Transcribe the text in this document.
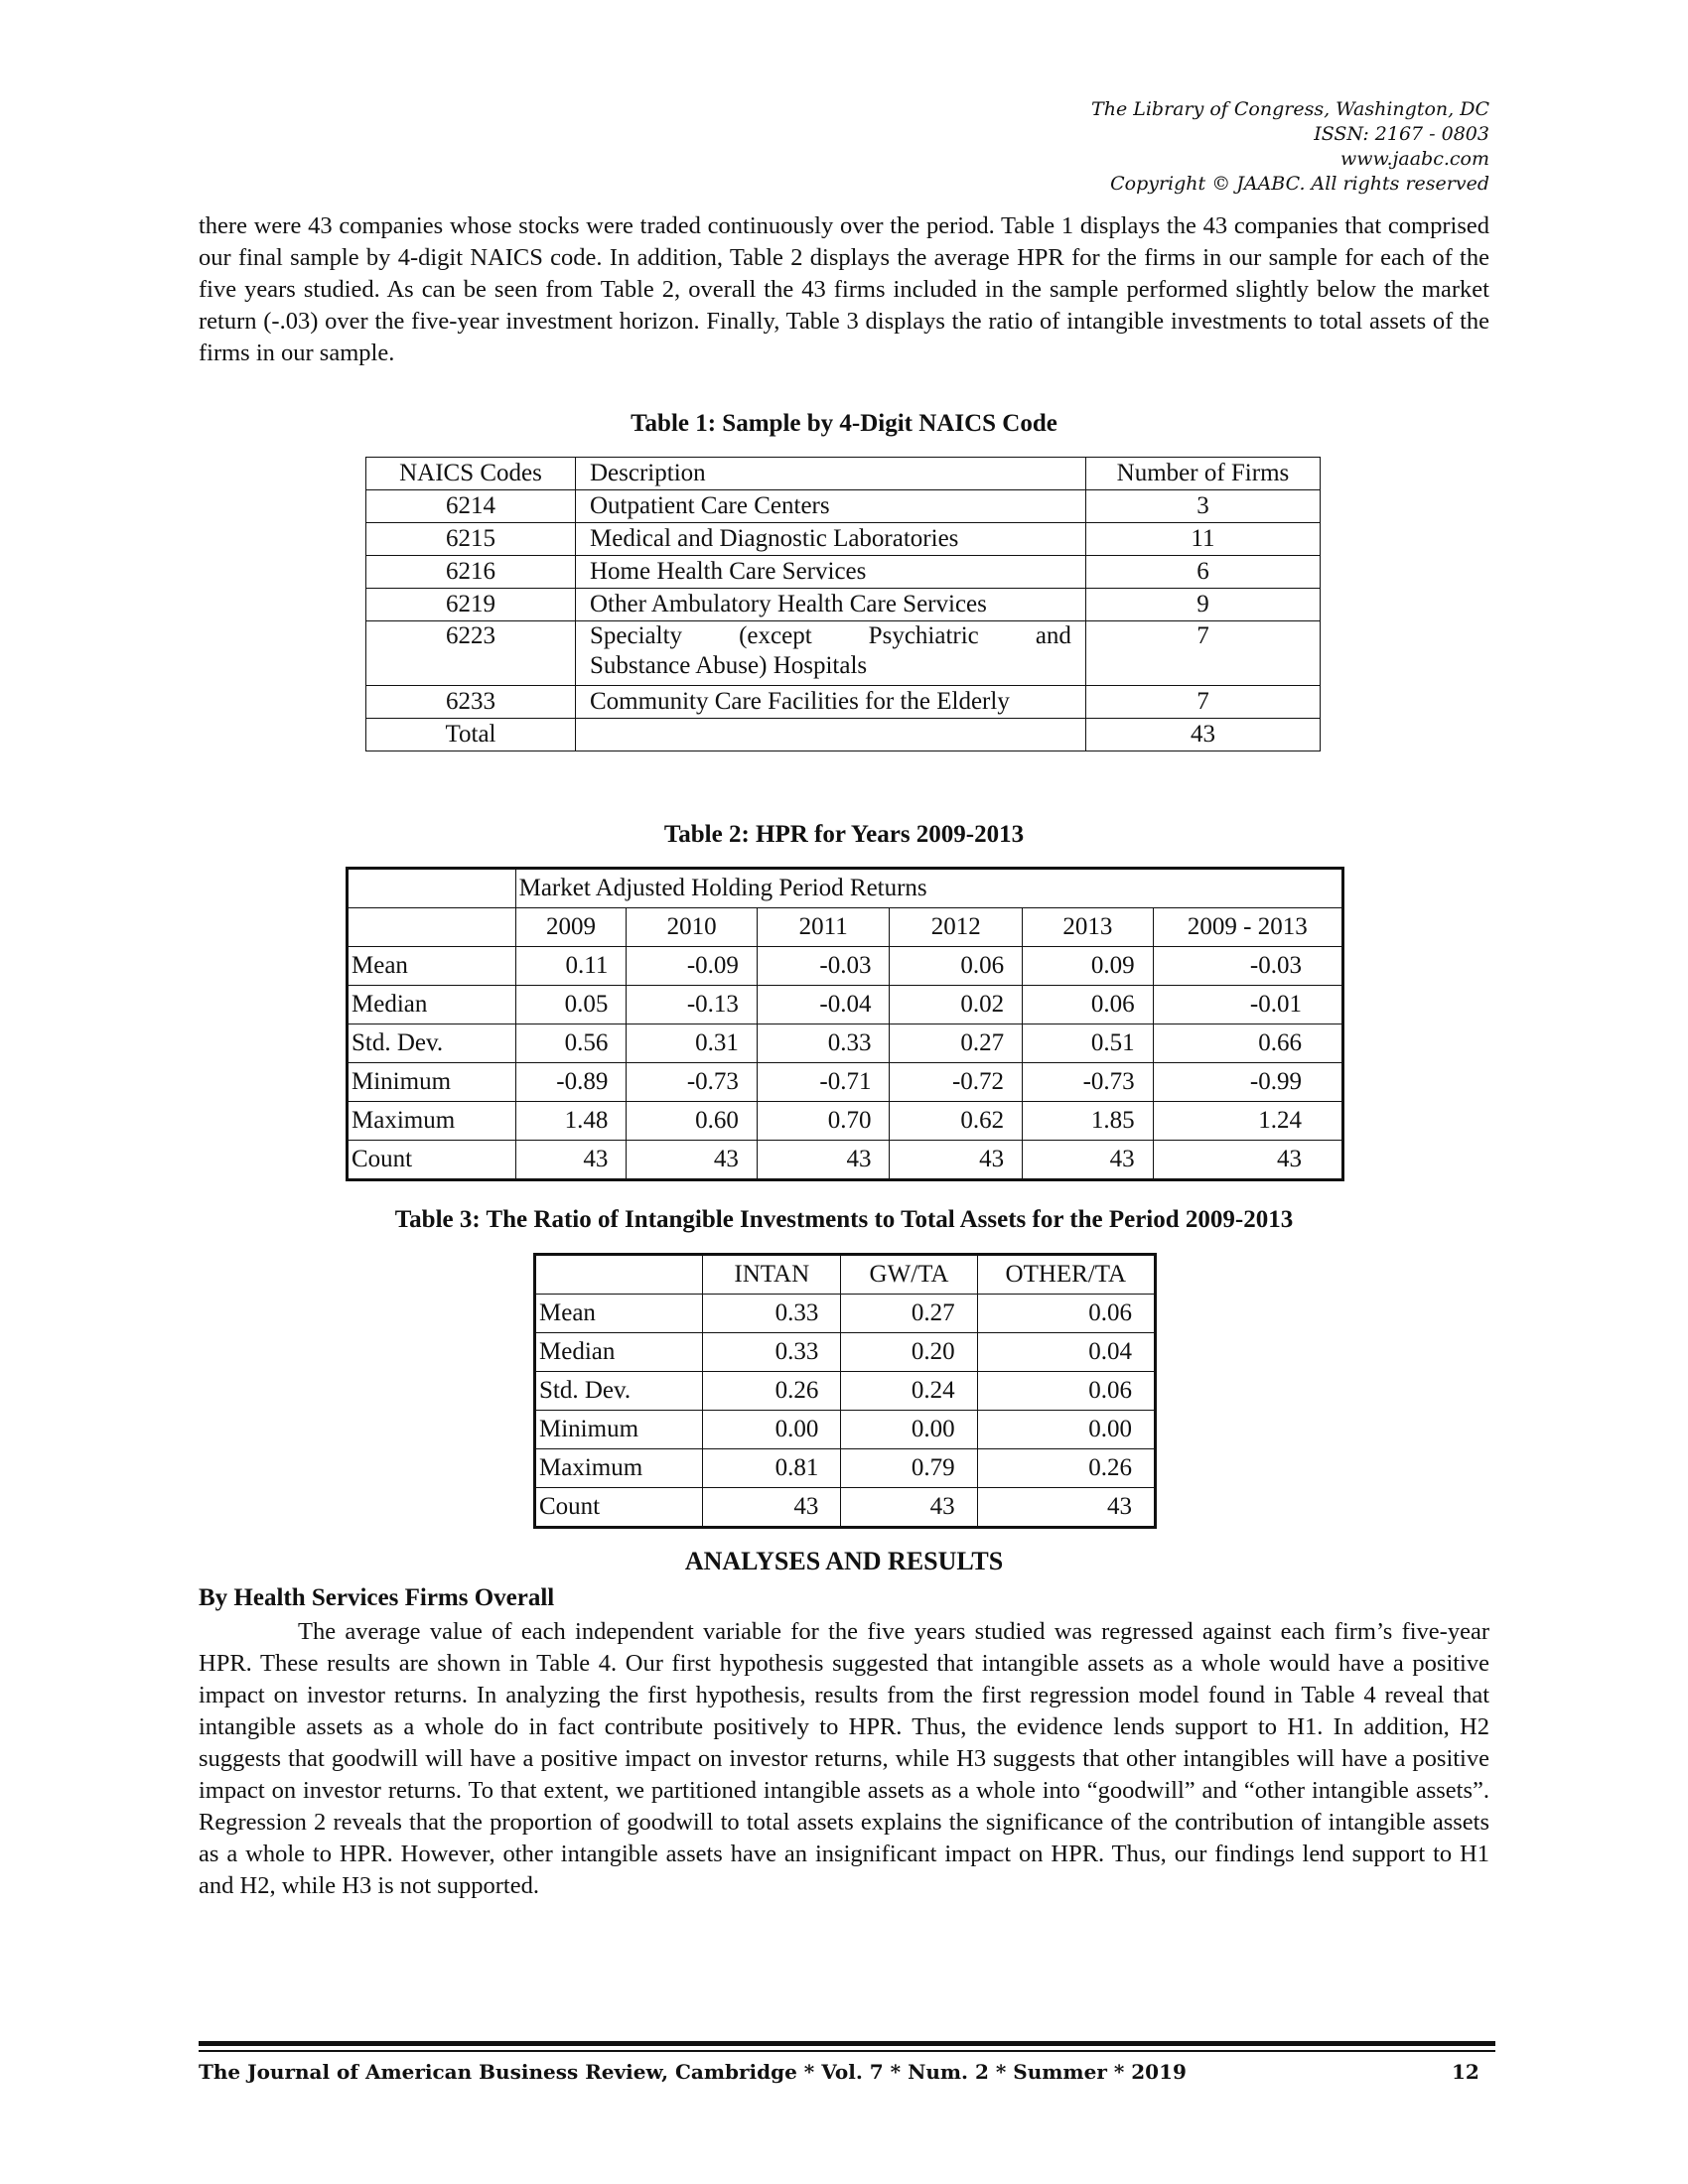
The Library of Congress, Washington, DC
ISSN: 2167 - 0803
www.jaabc.com
Copyright © JAABC. All rights reserved
there were 43 companies whose stocks were traded continuously over the period. Table 1 displays the 43 companies that comprised our final sample by 4-digit NAICS code. In addition, Table 2 displays the average HPR for the firms in our sample for each of the five years studied. As can be seen from Table 2, overall the 43 firms included in the sample performed slightly below the market return (-.03) over the five-year investment horizon. Finally, Table 3 displays the ratio of intangible investments to total assets of the firms in our sample.
Table 1: Sample by 4-Digit NAICS Code
NAICS Codes	Description	Number of Firms
6214	Outpatient Care Centers	3
6215	Medical and Diagnostic Laboratories	11
6216	Home Health Care Services	6
6219	Other Ambulatory Health Care Services	9
6223	Specialty (except Psychiatric and
Substance Abuse) Hospitals	7
6233	Community Care Facilities for the Elderly	7
Total		43
Table 2: HPR for Years 2009-2013
	Market Adjusted Holding Period Returns					
	2009	2010	2011	2012	2013	2009 - 2013
Mean	0.11	-0.09	-0.03	0.06	0.09	-0.03
Median	0.05	-0.13	-0.04	0.02	0.06	-0.01
Std. Dev.	0.56	0.31	0.33	0.27	0.51	0.66
Minimum	-0.89	-0.73	-0.71	-0.72	-0.73	-0.99
Maximum	1.48	0.60	0.70	0.62	1.85	1.24
Count	43	43	43	43	43	43
Table 3: The Ratio of Intangible Investments to Total Assets for the Period 2009-2013
	INTAN	GW/TA	OTHER/TA
Mean	0.33	0.27	0.06
Median	0.33	0.20	0.04
Std. Dev.	0.26	0.24	0.06
Minimum	0.00	0.00	0.00
Maximum	0.81	0.79	0.26
Count	43	43	43
ANALYSES AND RESULTS
By Health Services Firms Overall
The average value of each independent variable for the five years studied was regressed against each firm’s five-year HPR. These results are shown in Table 4. Our first hypothesis suggested that intangible assets as a whole would have a positive impact on investor returns. In analyzing the first hypothesis, results from the first regression model found in Table 4 reveal that intangible assets as a whole do in fact contribute positively to HPR. Thus, the evidence lends support to H1. In addition, H2 suggests that goodwill will have a positive impact on investor returns, while H3 suggests that other intangibles will have a positive impact on investor returns. To that extent, we partitioned intangible assets as a whole into “goodwill” and “other intangible assets”. Regression 2 reveals that the proportion of goodwill to total assets explains the significance of the contribution of intangible assets as a whole to HPR. However, other intangible assets have an insignificant impact on HPR. Thus, our findings lend support to H1 and H2, while H3 is not supported.
The Journal of American Business Review, Cambridge * Vol. 7 * Num. 2 * Summer * 2019	12
